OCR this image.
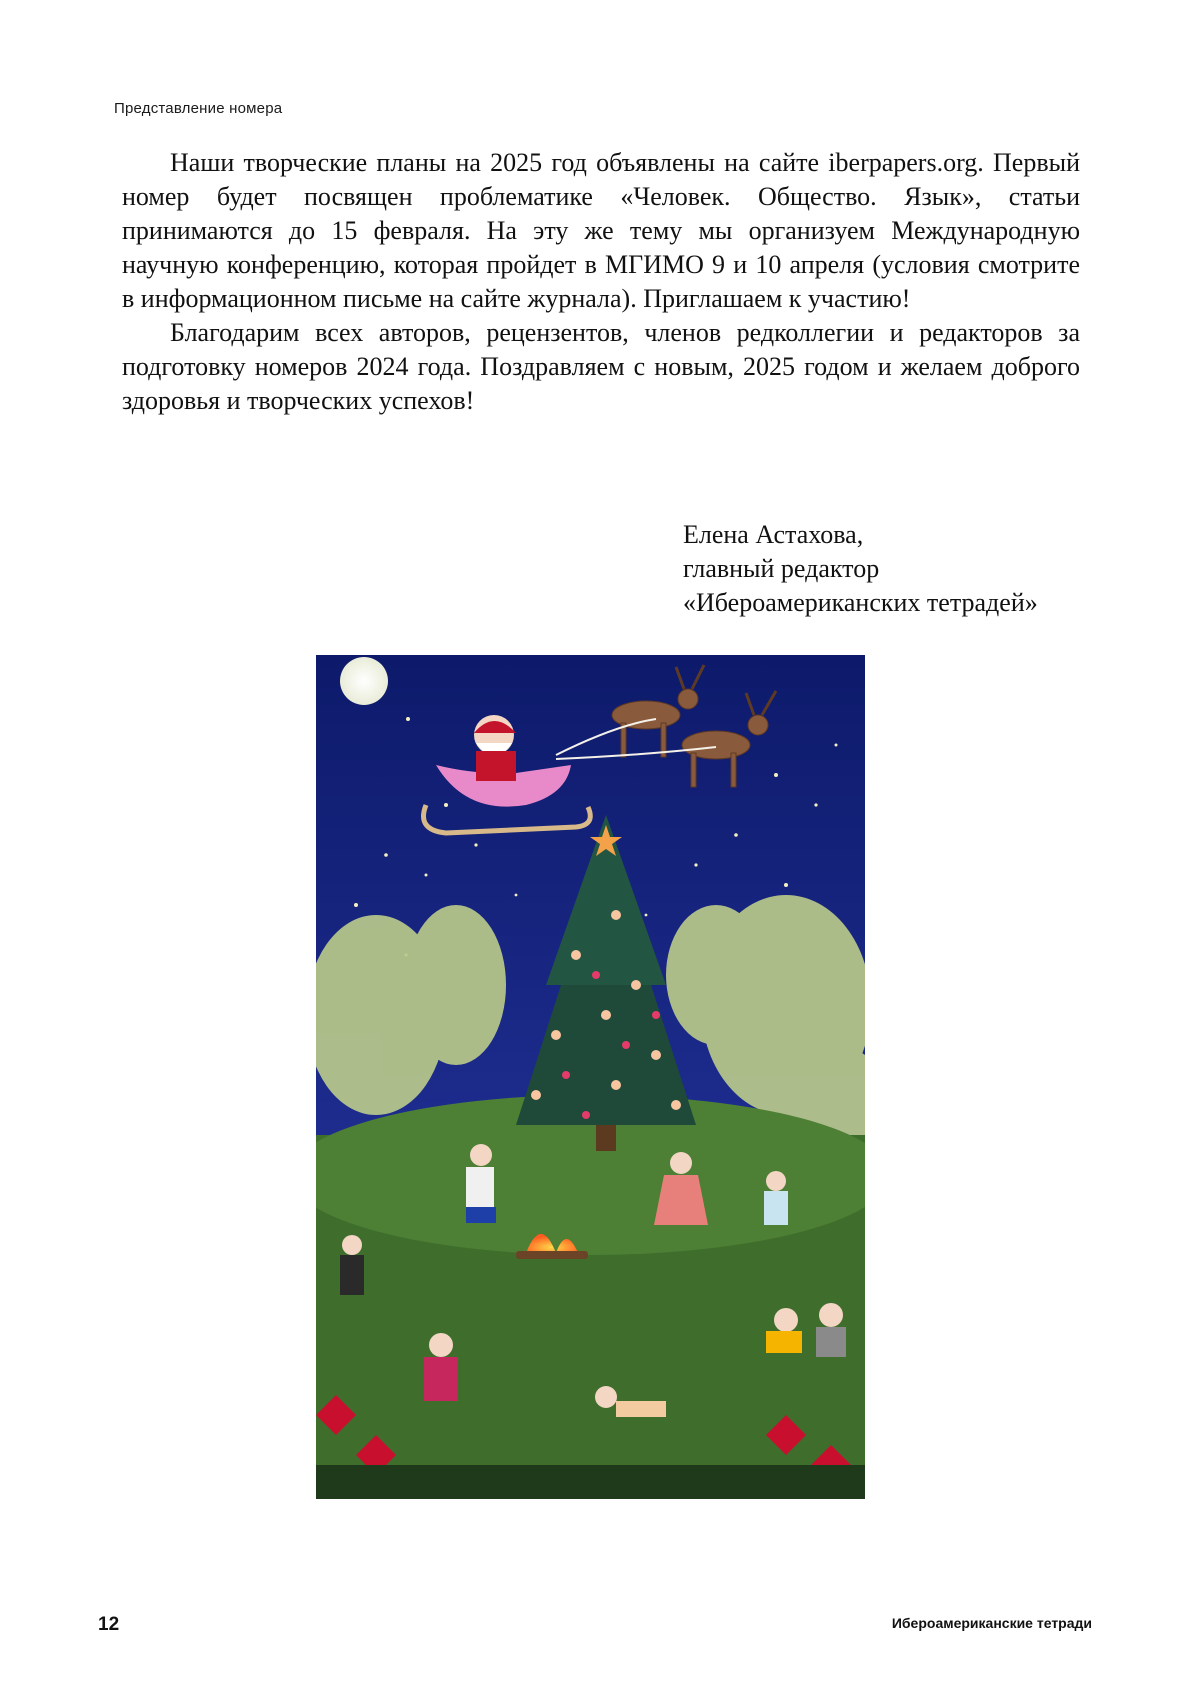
Представление номера

Наши творческие планы на 2025 год объявлены на сайте iberpapers.org. Первый номер будет посвящен проблематике «Человек. Общество. Язык», статьи принимаются до 15 февраля. На эту же тему мы организуем Международную научную конференцию, которая пройдет в МГИМО 9 и 10 апреля (условия смотрите в информационном письме на сайте журнала). Приглашаем к участию!

Благодарим всех авторов, рецензентов, членов редколлегии и редакторов за подготовку номеров 2024 года. Поздравляем с новым, 2025 годом и желаем доброго здоровья и творческих успехов!

Елена Астахова,
главный редактор
«Ибероамериканских тетрадей»
12	Ибероамериканские тетради
